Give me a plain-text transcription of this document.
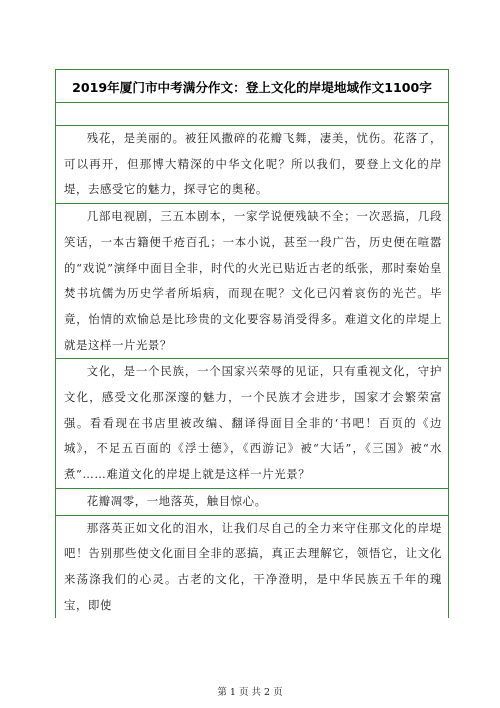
2019年厦门市中考满分作文：登上文化的岸堤地域作文1100字

残花，是美丽的。被狂风撒碎的花瓣飞舞，凄美，忧伤。花落了，可以再开，但那博大精深的中华文化呢？所以我们，要登上文化的岸堤，去感受它的魅力，探寻它的奥秘。

几部电视剧，三五本剧本，一家学说便残缺不全；一次恶搞，几段笑话，一本古籍便千疮百孔；一本小说，甚至一段广告，历史便在喧嚣的“戏说”演绎中面目全非，时代的火光已贴近古老的纸张，那时秦始皇焚书坑儒为历史学者所垢病，而现在呢？文化已闪着哀伤的光芒。毕竟，怡情的欢愉总是比珍贵的文化要容易消受得多。难道文化的岸堤上就是这样一片光景？

文化，是一个民族，一个国家兴荣辱的见证，只有重视文化，守护文化，感受文化那深邃的魅力，一个民族才会进步，国家才会繁荣富强。看看现在书店里被改编、翻译得面目全非的‘书吧！百页的《边城》，不足五百面的《浮士德》，《西游记》被“大话”，《三国》被“水煮”……难道文化的岸堤上就是这样一片光景？

花瓣凋零，一地落英，触目惊心。

那落英正如文化的泪水，让我们尽自己的全力来守住那文化的岸堤吧！告别那些使文化面目全非的恶搞，真正去理解它，领悟它，让文化来荡涤我们的心灵。古老的文化，干净澄明，是中华民族五千年的瑰宝，即使

第 1 页 共 2 页
